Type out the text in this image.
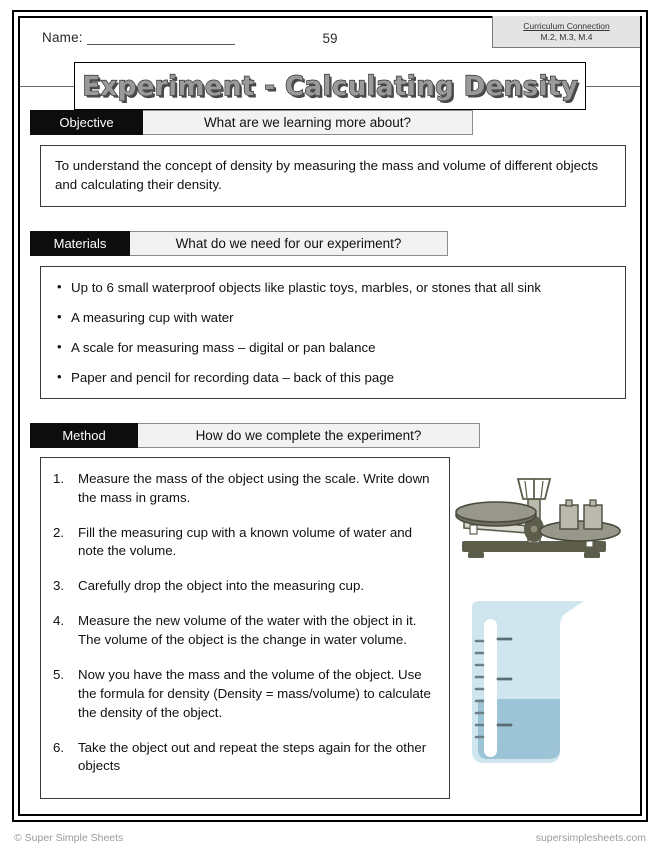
Name:	59
Curriculum Connection
M.2, M.3, M.4
Experiment - Calculating Density
Objective	What are we learning more about?
To understand the concept of density by measuring the mass and volume of different objects and calculating their density.
Materials	What do we need for our experiment?
• Up to 6 small waterproof objects like plastic toys, marbles, or stones that all sink
• A measuring cup with water
• A scale for measuring mass – digital or pan balance
• Paper and pencil for recording data – back of this page
Method	How do we complete the experiment?
Measure the mass of the object using the scale. Write down the mass in grams.
Fill the measuring cup with a known volume of water and note the volume.
Carefully drop the object into the measuring cup.
Measure the new volume of the water with the object in it. The volume of the object is the change in water volume.
Now you have the mass and the volume of the object. Use the formula for density (Density = mass/volume) to calculate the density of the object.
Take the object out and repeat the steps again for the other objects
© Super Simple Sheets	supersimplesheets.com
